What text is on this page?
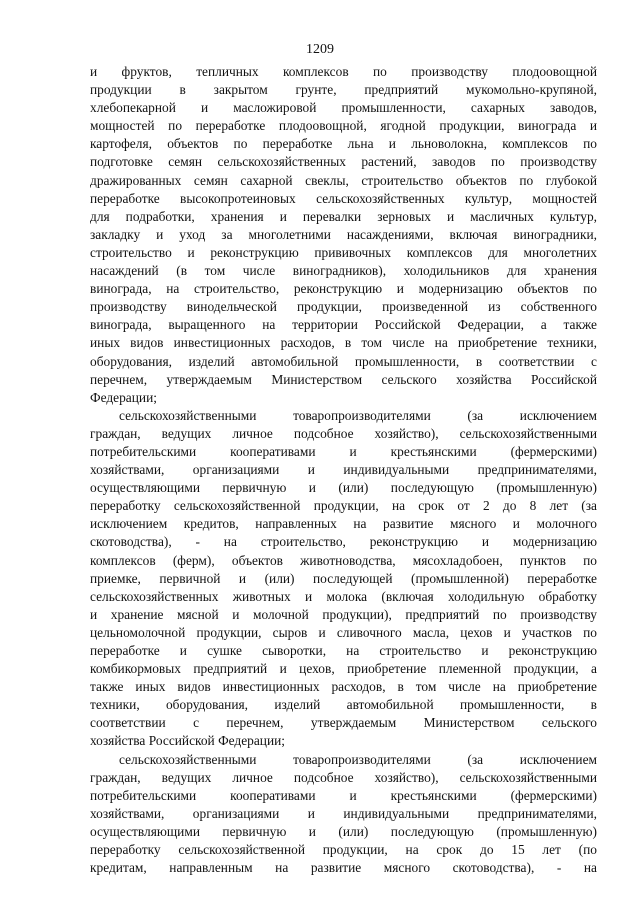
1209
и фруктов, тепличных комплексов по производству плодоовощной
продукции в закрытом грунте, предприятий мукомольно-крупяной,
хлебопекарной и масложировой промышленности, сахарных заводов,
мощностей по переработке плодоовощной, ягодной продукции, винограда и
картофеля, объектов по переработке льна и льноволокна, комплексов по
подготовке семян сельскохозяйственных растений, заводов по производству
дражированных семян сахарной свеклы, строительство объектов по глубокой
переработке высокопротеиновых сельскохозяйственных культур, мощностей
для подработки, хранения и перевалки зерновых и масличных культур,
закладку и уход за многолетними насаждениями, включая виноградники,
строительство и реконструкцию прививочных комплексов для многолетних
насаждений (в том числе виноградников), холодильников для хранения
винограда, на строительство, реконструкцию и модернизацию объектов по
производству винодельческой продукции, произведенной из собственного
винограда, выращенного на территории Российской Федерации, а также
иных видов инвестиционных расходов, в том числе на приобретение техники,
оборудования, изделий автомобильной промышленности, в соответствии с
перечнем, утверждаемым Министерством сельского хозяйства Российской
Федерации;
сельскохозяйственными товаропроизводителями (за исключением
граждан, ведущих личное подсобное хозяйство), сельскохозяйственными
потребительскими кооперативами и крестьянскими (фермерскими)
хозяйствами, организациями и индивидуальными предпринимателями,
осуществляющими первичную и (или) последующую (промышленную)
переработку сельскохозяйственной продукции, на срок от 2 до 8 лет (за
исключением кредитов, направленных на развитие мясного и молочного
скотоводства), - на строительство, реконструкцию и модернизацию
комплексов (ферм), объектов животноводства, мясохладобоен, пунктов по
приемке, первичной и (или) последующей (промышленной) переработке
сельскохозяйственных животных и молока (включая холодильную обработку
и хранение мясной и молочной продукции), предприятий по производству
цельномолочной продукции, сыров и сливочного масла, цехов и участков по
переработке и сушке сыворотки, на строительство и реконструкцию
комбикормовых предприятий и цехов, приобретение племенной продукции, а
также иных видов инвестиционных расходов, в том числе на приобретение
техники, оборудования, изделий автомобильной промышленности, в
соответствии с перечнем, утверждаемым Министерством сельского
хозяйства Российской Федерации;
сельскохозяйственными товаропроизводителями (за исключением
граждан, ведущих личное подсобное хозяйство), сельскохозяйственными
потребительскими кооперативами и крестьянскими (фермерскими)
хозяйствами, организациями и индивидуальными предпринимателями,
осуществляющими первичную и (или) последующую (промышленную)
переработку сельскохозяйственной продукции, на срок до 15 лет (по
кредитам, направленным на развитие мясного скотоводства), - на
